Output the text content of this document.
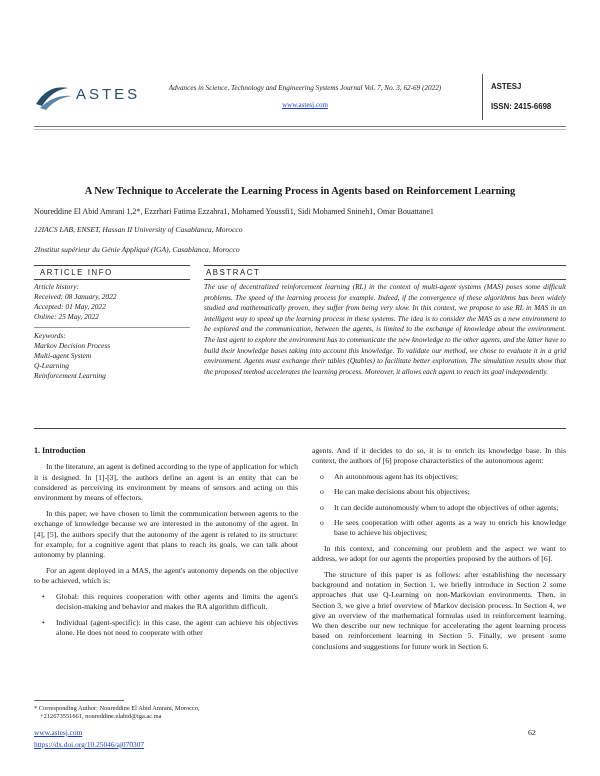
ASTES	Advances in Science, Technology and Engineering Systems Journal Vol. 7, No. 3, 62-69 (2022)
www.astesj.com
ASTESJ
ISSN: 2415-6698
A New Technique to Accelerate the Learning Process in Agents based on Reinforcement Learning
Noureddine El Abid Amrani 1,2*, Ezzrhari Fatima Ezzahra1, Mohamed Youssfi1, Sidi Mohamed Snineh1, Omar Bouattane1
12IACS LAB, ENSET, Hassan II University of Casablanca, Morocco
2Institut supérieur du Génie Appliqué (IGA), Casablanca, Morocco
ARTICLE INFO
Article history:
Received: 08 January, 2022
Accepted: 01 May, 2022
Online: 25 May, 2022
Keywords:
Markov Decision Process
Multi-agent System
Q-Learning
Reinforcement Learning
ABSTRACT
The use of decentralized reinforcement learning (RL) in the context of multi-agent systems (MAS) poses some difficult problems. The speed of the learning process for example. Indeed, if the convergence of these algorithms has been widely studied and mathematically proven, they suffer from being very slow. In this context, we propose to use RL in MAS in an intelligent way to speed up the learning process in these systems. The idea is to consider the MAS as a new environment to be explored and the communication, between the agents, is limited to the exchange of knowledge about the environment. The last agent to explore the environment has to communicate the new knowledge to the other agents, and the latter have to build their knowledge bases taking into account this knowledge. To validate our method, we chose to evaluate it in a grid environment. Agents must exchange their tables (Qtables) to facilitate better exploration. The simulation results show that the proposed method accelerates the learning process. Moreover, it allows each agent to reach its goal independently.
1. Introduction

In the literature, an agent is defined according to the type of application for which it is designed. In [1]-[3], the authors define an agent is an entity that can be considered as perceiving its environment by means of sensors and acting on this environment by means of effectors.

In this paper, we have chosen to limit the communication between agents to the exchange of knowledge because we are interested in the autonomy of the agent. In [4], [5], the authors specify that the autonomy of the agent is related to its structure: for example, for a cognitive agent that plans to reach its goals, we can talk about autonomy by planning.

For an agent deployed in a MAS, the agent's autonomy depends on the objective to be achieved, which is:

•	Global: this requires cooperation with other agents and limits the agent's decision-making and behavior and makes the RA algorithm difficult.
•	Individual (agent-specific): in this case, the agent can achieve his objectives alone. He does not need to cooperate with other

agents. And if it decides to do so, it is to enrich its knowledge base. In this context, the authors of [6] propose characteristics of the autonomous agent:

o	An autonomous agent has its objectives;
o	He can make decisions about his objectives;
o	It can decide autonomously when to adopt the objectives of other agents;
o	He sees cooperation with other agents as a way to enrich his knowledge base to achieve his objectives;

In this context, and concerning our problem and the aspect we want to address, we adopt for our agents the properties proposed by the authors of [6].

The structure of this paper is as follows: after establishing the necessary background and notation in Section 1, we briefly introduce in Section 2 some approaches that use Q-Learning on non-Markovian environments. Then, in Section 3, we give a brief overview of Markov decision process. In Section 4, we give an overview of the mathematical formulas used in reinforcement learning. We then describe our new technique for accelerating the agent learning process based on reinforcement learning in Section 5. Finally, we present some conclusions and suggestions for future work in Section 6.

* Corresponding Author: Noureddine El Abid Amrani, Morocco,
+212673551661, noureddine.elabid@iga.ac.ma
www.astesj.com
https://dx.doi.org/10.25046/aj070307
62
